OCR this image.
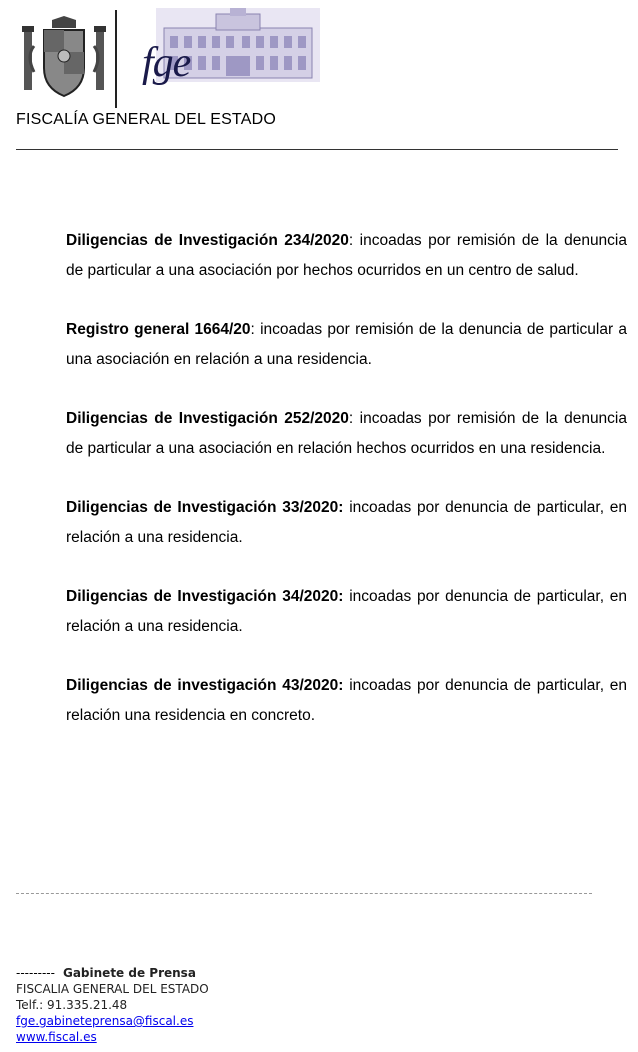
fge
FISCALÍA GENERAL DEL ESTADO

Diligencias de Investigación 234/2020: incoadas por remisión de la denuncia de particular a una asociación por hechos ocurridos en un centro de salud.

Registro general 1664/20: incoadas por remisión de la denuncia de particular a una asociación en relación a una residencia.

Diligencias de Investigación 252/2020: incoadas por remisión de la denuncia de particular a una asociación en relación hechos ocurridos en una residencia.

Diligencias de Investigación 33/2020: incoadas por denuncia de particular, en relación a una residencia.

Diligencias de Investigación 34/2020: incoadas por denuncia de particular, en relación a una residencia.

Diligencias de investigación 43/2020: incoadas por denuncia de particular, en relación una residencia en concreto.

--------- Gabinete de Prensa
FISCALIA GENERAL DEL ESTADO
Telf.: 91.335.21.48
fge.gabineteprensa@fiscal.es
www.fiscal.es
